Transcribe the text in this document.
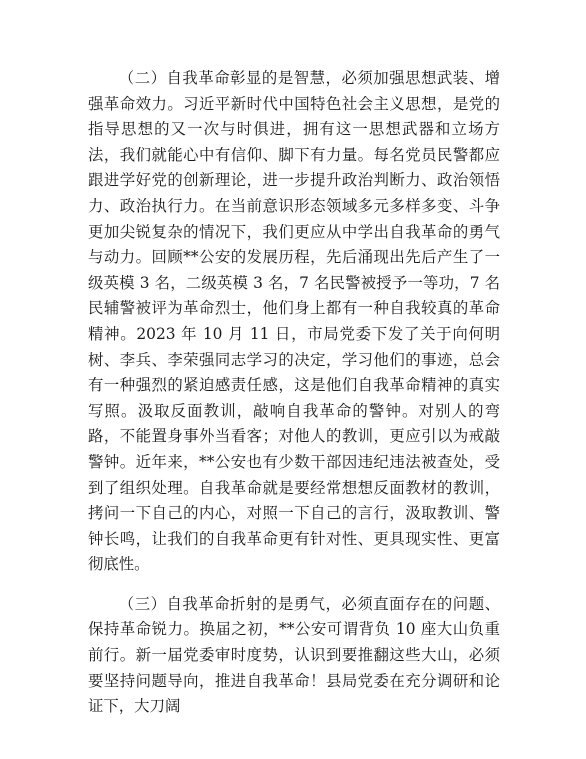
（二）自我革命彰显的是智慧，必须加强思想武装、增强革命效力。习近平新时代中国特色社会主义思想，是党的指导思想的又一次与时俱进，拥有这一思想武器和立场方法，我们就能心中有信仰、脚下有力量。每名党员民警都应跟进学好党的创新理论，进一步提升政治判断力、政治领悟力、政治执行力。在当前意识形态领域多元多样多变、斗争更加尖锐复杂的情况下，我们更应从中学出自我革命的勇气与动力。回顾**公安的发展历程，先后涌现出先后产生了一级英模 3 名，二级英模 3 名，7 名民警被授予一等功，7 名民辅警被评为革命烈士，他们身上都有一种自我较真的革命精神。2023 年 10 月 11 日，市局党委下发了关于向何明树、李兵、李荣强同志学习的决定，学习他们的事迹，总会有一种强烈的紧迫感责任感，这是他们自我革命精神的真实写照。汲取反面教训，敲响自我革命的警钟。对别人的弯路，不能置身事外当看客；对他人的教训，更应引以为戒敲警钟。近年来，**公安也有少数干部因违纪违法被查处，受到了组织处理。自我革命就是要经常想想反面教材的教训，拷问一下自己的内心，对照一下自己的言行，汲取教训、警钟长鸣，让我们的自我革命更有针对性、更具现实性、更富彻底性。

（三）自我革命折射的是勇气，必须直面存在的问题、保持革命锐力。换届之初，**公安可谓背负 10 座大山负重前行。新一届党委审时度势，认识到要推翻这些大山，必须要坚持问题导向，推进自我革命！县局党委在充分调研和论证下，大刀阔
